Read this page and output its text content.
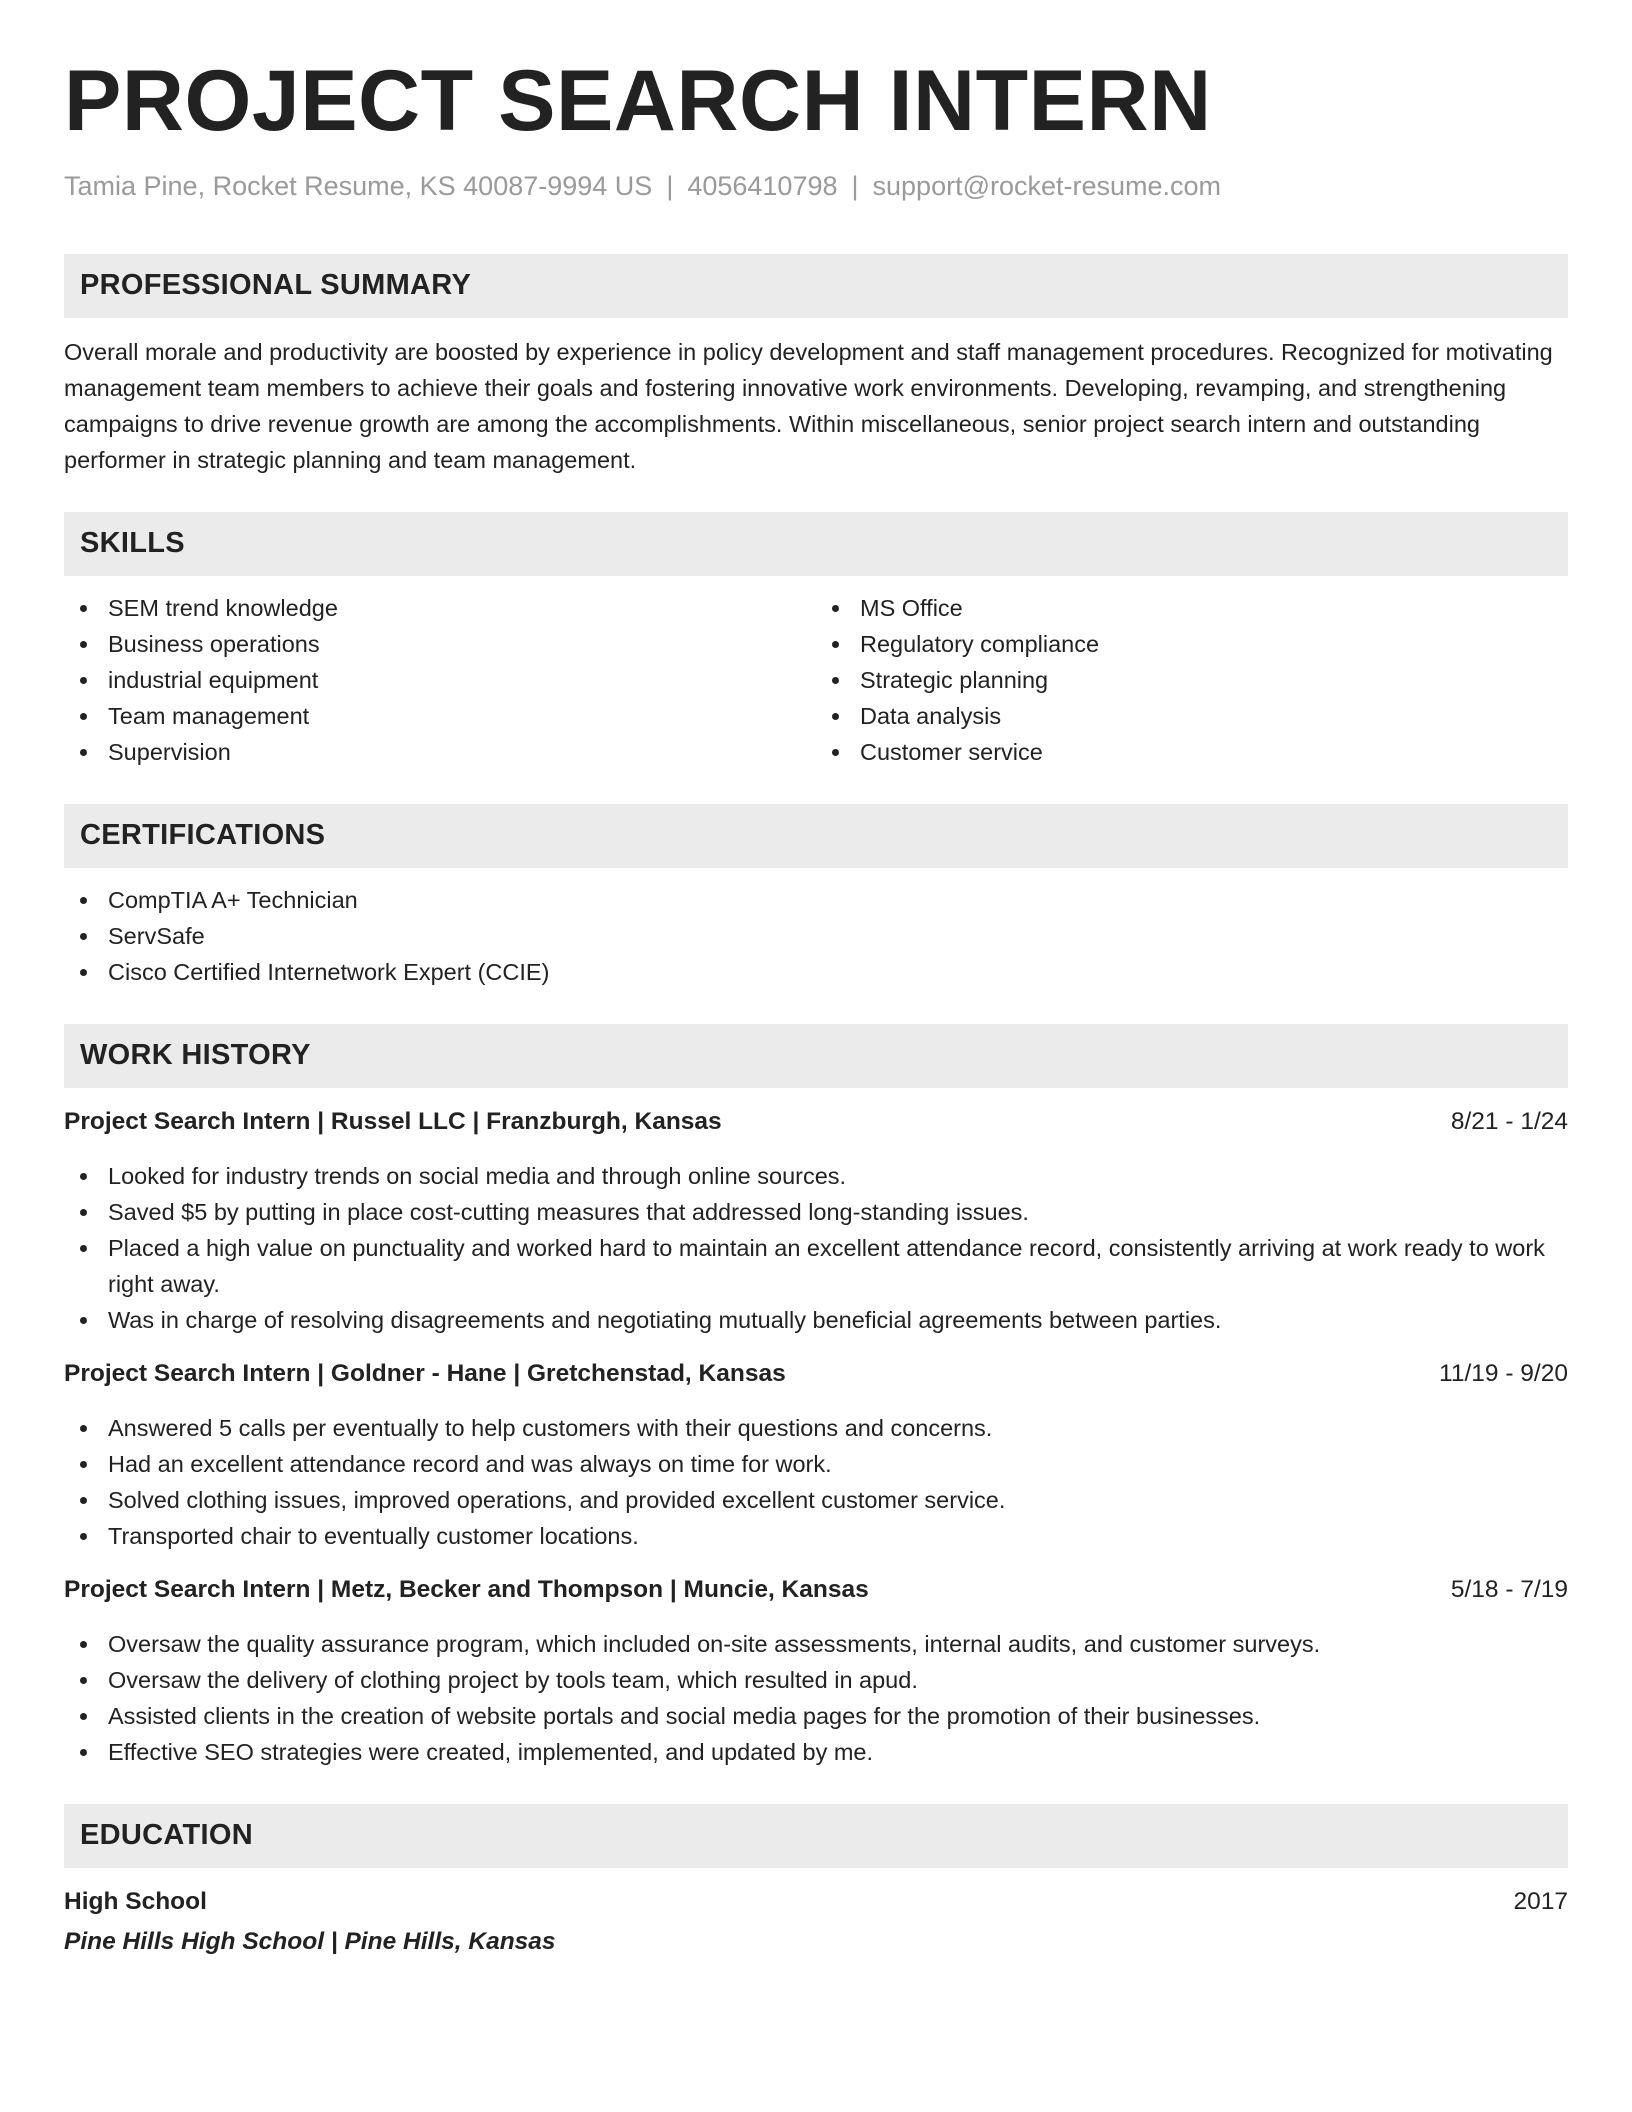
PROJECT SEARCH INTERN
Tamia Pine, Rocket Resume, KS 40087-9994 US | 4056410798 | support@rocket-resume.com
PROFESSIONAL SUMMARY
Overall morale and productivity are boosted by experience in policy development and staff management procedures. Recognized for motivating management team members to achieve their goals and fostering innovative work environments. Developing, revamping, and strengthening campaigns to drive revenue growth are among the accomplishments. Within miscellaneous, senior project search intern and outstanding performer in strategic planning and team management.
SKILLS
SEM trend knowledge
Business operations
industrial equipment
Team management
Supervision
MS Office
Regulatory compliance
Strategic planning
Data analysis
Customer service
CERTIFICATIONS
CompTIA A+ Technician
ServSafe
Cisco Certified Internetwork Expert (CCIE)
WORK HISTORY
Project Search Intern | Russel LLC | Franzburgh, Kansas	8/21 - 1/24
Looked for industry trends on social media and through online sources.
Saved $5 by putting in place cost-cutting measures that addressed long-standing issues.
Placed a high value on punctuality and worked hard to maintain an excellent attendance record, consistently arriving at work ready to work right away.
Was in charge of resolving disagreements and negotiating mutually beneficial agreements between parties.
Project Search Intern | Goldner - Hane | Gretchenstad, Kansas	11/19 - 9/20
Answered 5 calls per eventually to help customers with their questions and concerns.
Had an excellent attendance record and was always on time for work.
Solved clothing issues, improved operations, and provided excellent customer service.
Transported chair to eventually customer locations.
Project Search Intern | Metz, Becker and Thompson | Muncie, Kansas	5/18 - 7/19
Oversaw the quality assurance program, which included on-site assessments, internal audits, and customer surveys.
Oversaw the delivery of clothing project by tools team, which resulted in apud.
Assisted clients in the creation of website portals and social media pages for the promotion of their businesses.
Effective SEO strategies were created, implemented, and updated by me.
EDUCATION
High School	2017
Pine Hills High School | Pine Hills, Kansas
